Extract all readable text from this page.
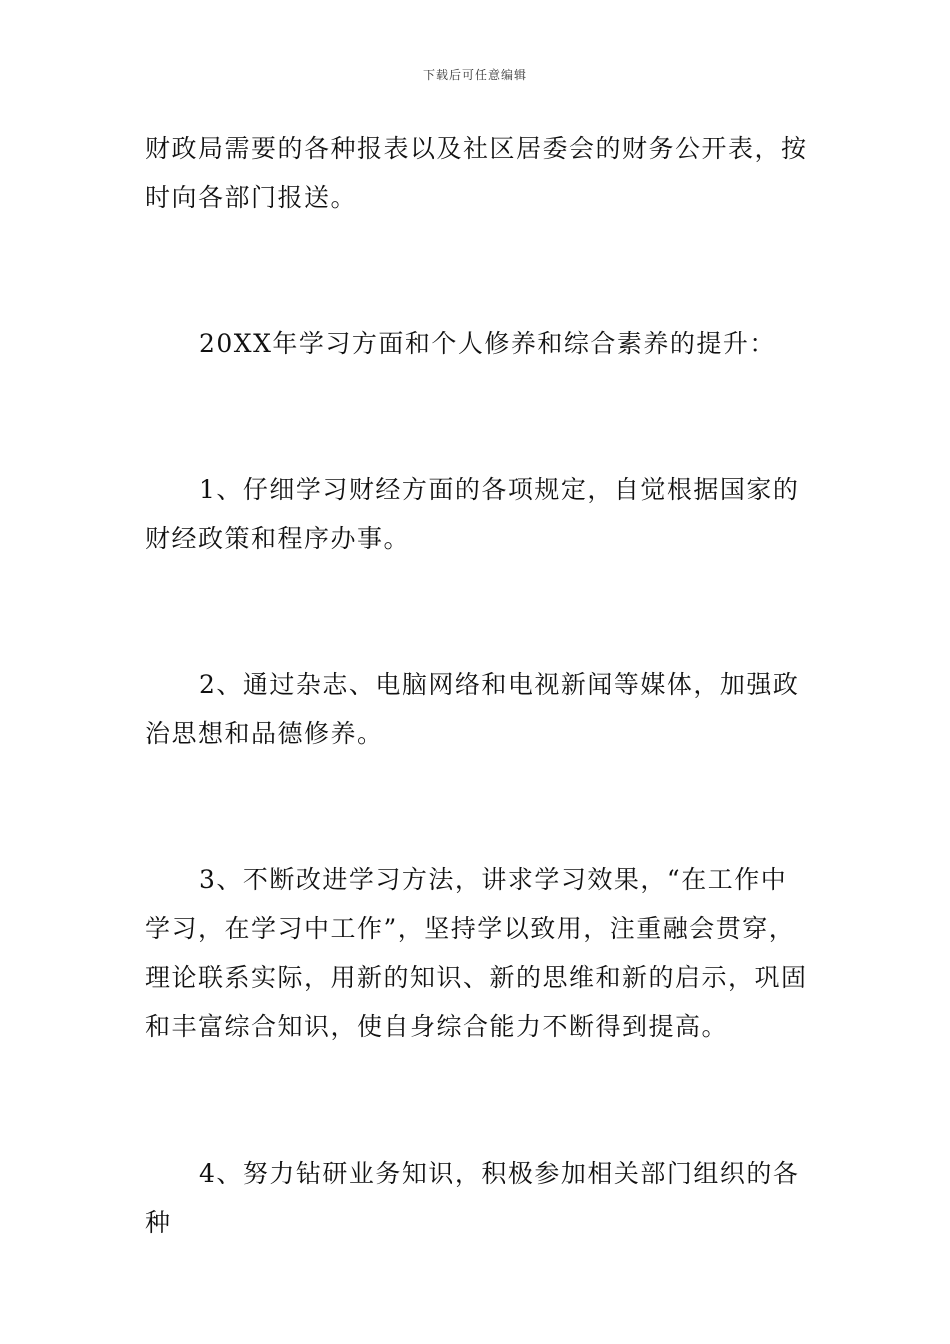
下载后可任意编辑

财政局需要的各种报表以及社区居委会的财务公开表，按时向各部门报送。

20XX年学习方面和个人修养和综合素养的提升：

1、仔细学习财经方面的各项规定，自觉根据国家的财经政策和程序办事。

2、通过杂志、电脑网络和电视新闻等媒体，加强政治思想和品德修养。

3、不断改进学习方法，讲求学习效果，“在工作中学习，在学习中工作”，坚持学以致用，注重融会贯穿，理论联系实际，用新的知识、新的思维和新的启示，巩固和丰富综合知识，使自身综合能力不断得到提高。

4、努力钻研业务知识，积极参加相关部门组织的各种
